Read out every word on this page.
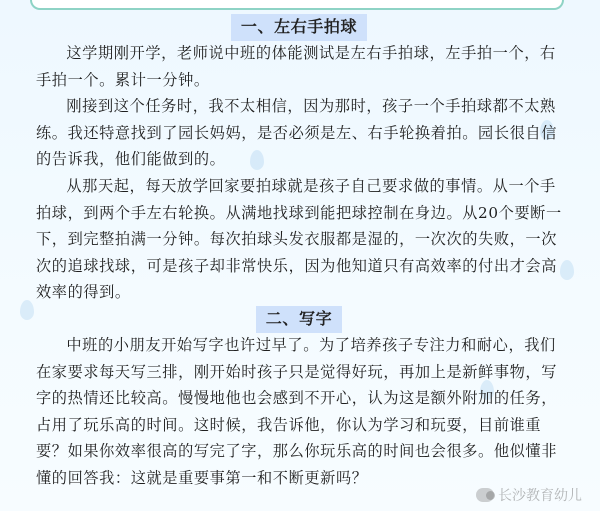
一、左右手拍球

这学期刚开学，老师说中班的体能测试是左右手拍球，左手拍一个，右手拍一个。累计一分钟。

刚接到这个任务时，我不太相信，因为那时，孩子一个手拍球都不太熟练。我还特意找到了园长妈妈，是否必须是左、右手轮换着拍。园长很自信的告诉我，他们能做到的。

从那天起，每天放学回家要拍球就是孩子自己要求做的事情。从一个手拍球，到两个手左右轮换。从满地找球到能把球控制在身边。从20个要断一下，到完整拍满一分钟。每次拍球头发衣服都是湿的，一次次的失败，一次次的追球找球，可是孩子却非常快乐，因为他知道只有高效率的付出才会高效率的得到。

二、写字

中班的小朋友开始写字也许过早了。为了培养孩子专注力和耐心，我们在家要求每天写三排，刚开始时孩子只是觉得好玩，再加上是新鲜事物，写字的热情还比较高。慢慢地他也会感到不开心，认为这是额外附加的任务，占用了玩乐高的时间。这时候，我告诉他，你认为学习和玩耍，目前谁重要？如果你效率很高的写完了字，那么你玩乐高的时间也会很多。他似懂非懂的回答我：这就是重要事第一和不断更新吗？

长沙教育幼儿
